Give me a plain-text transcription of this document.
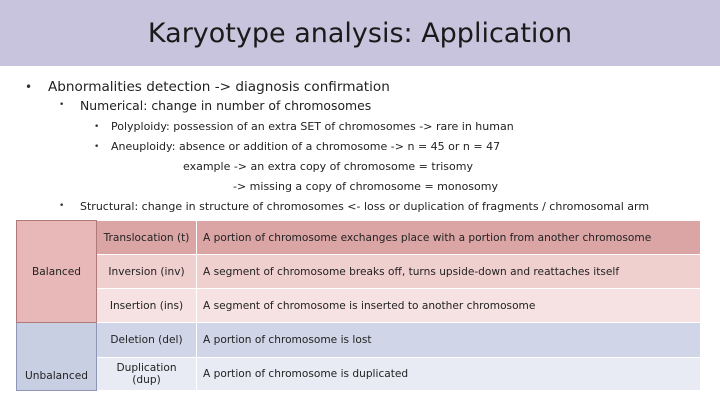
Karyotype analysis: Application
• Abnormalities detection -> diagnosis confirmation
• Numerical: change in number of chromosomes
• Polyploidy: possession of an extra SET of chromosomes -> rare in human
• Aneuploidy: absence or addition of a chromosome -> n = 45 or n = 47
example -> an extra copy of chromosome = trisomy
-> missing a copy of chromosome = monosomy
• Structural: change in structure of chromosomes <- loss or duplication of fragments / chromosomal arm
Balanced	Translocation (t)	A portion of chromosome exchanges place with a portion from another chromosome
	Inversion (inv)	A segment of chromosome breaks off, turns upside-down and reattaches itself
	Insertion (ins)	A segment of chromosome is inserted to another chromosome
Unbalanced	Deletion (del)	A portion of chromosome is lost
	Duplication (dup)	A portion of chromosome is duplicated
